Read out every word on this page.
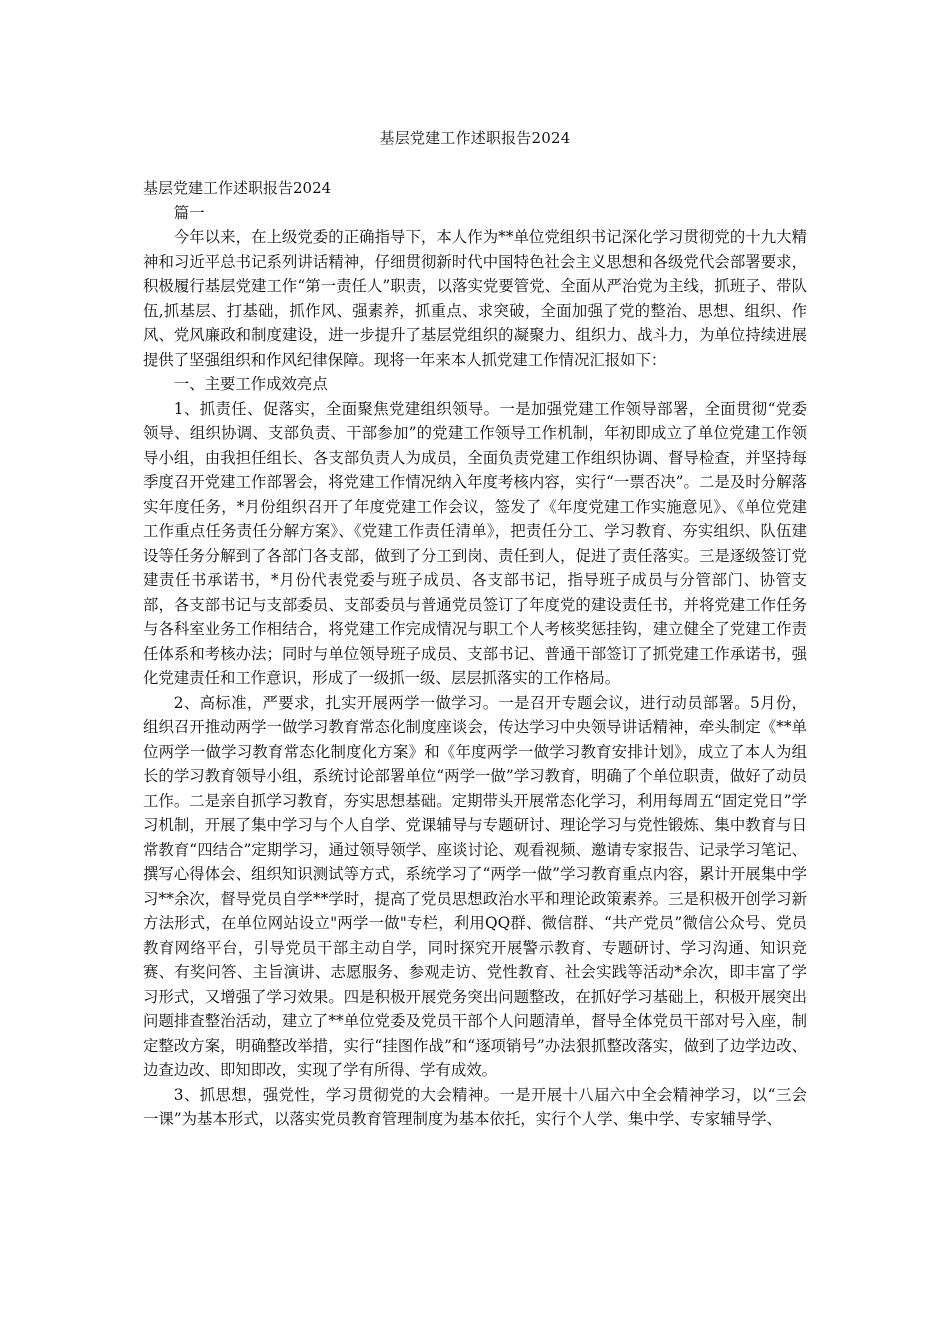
基层党建工作述职报告2024

基层党建工作述职报告2024

篇一

今年以来，在上级党委的正确指导下，本人作为**单位党组织书记深化学习贯彻党的十九大精神和习近平总书记系列讲话精神，仔细贯彻新时代中国特色社会主义思想和各级党代会部署要求，积极履行基层党建工作“第一责任人”职责，以落实党要管党、全面从严治党为主线，抓班子、带队伍,抓基层、打基础，抓作风、强素养，抓重点、求突破，全面加强了党的整治、思想、组织、作风、党风廉政和制度建设，进一步提升了基层党组织的凝聚力、组织力、战斗力，为单位持续进展提供了坚强组织和作风纪律保障。现将一年来本人抓党建工作情况汇报如下：

一、主要工作成效亮点

1、抓责任、促落实，全面聚焦党建组织领导。一是加强党建工作领导部署，全面贯彻“党委领导、组织协调、支部负责、干部参加”的党建工作领导工作机制，年初即成立了单位党建工作领导小组，由我担任组长、各支部负责人为成员，全面负责党建工作组织协调、督导检查，并坚持每季度召开党建工作部署会，将党建工作情况纳入年度考核内容，实行“一票否决”。二是及时分解落实年度任务，*月份组织召开了年度党建工作会议，签发了《年度党建工作实施意见》、《单位党建工作重点任务责任分解方案》、《党建工作责任清单》，把责任分工、学习教育、夯实组织、队伍建设等任务分解到了各部门各支部，做到了分工到岗、责任到人，促进了责任落实。三是逐级签订党建责任书承诺书，*月份代表党委与班子成员、各支部书记，指导班子成员与分管部门、协管支部，各支部书记与支部委员、支部委员与普通党员签订了年度党的建设责任书，并将党建工作任务与各科室业务工作相结合，将党建工作完成情况与职工个人考核奖惩挂钩，建立健全了党建工作责任体系和考核办法；同时与单位领导班子成员、支部书记、普通干部签订了抓党建工作承诺书，强化党建责任和工作意识，形成了一级抓一级、层层抓落实的工作格局。

2、高标准，严要求，扎实开展两学一做学习。一是召开专题会议，进行动员部署。5月份，组织召开推动两学一做学习教育常态化制度座谈会，传达学习中央领导讲话精神，牵头制定《**单位两学一做学习教育常态化制度化方案》和《年度两学一做学习教育安排计划》，成立了本人为组长的学习教育领导小组，系统讨论部署单位“两学一做”学习教育，明确了个单位职责，做好了动员工作。二是亲自抓学习教育，夯实思想基础。定期带头开展常态化学习，利用每周五“固定党日”学习机制，开展了集中学习与个人自学、党课辅导与专题研讨、理论学习与党性锻炼、集中教育与日常教育“四结合”定期学习，通过领导领学、座谈讨论、观看视频、邀请专家报告、记录学习笔记、撰写心得体会、组织知识测试等方式，系统学习了“两学一做”学习教育重点内容，累计开展集中学习**余次，督导党员自学**学时，提高了党员思想政治水平和理论政策素养。三是积极开创学习新方法形式，在单位网站设立"两学一做"专栏，利用QQ群、微信群、“共产党员”微信公众号、党员教育网络平台，引导党员干部主动自学，同时探究开展警示教育、专题研讨、学习沟通、知识竞赛、有奖问答、主旨演讲、志愿服务、参观走访、党性教育、社会实践等活动*余次，即丰富了学习形式，又增强了学习效果。四是积极开展党务突出问题整改，在抓好学习基础上，积极开展突出问题排查整治活动，建立了**单位党委及党员干部个人问题清单，督导全体党员干部对号入座，制定整改方案，明确整改举措，实行“挂图作战”和“逐项销号”办法狠抓整改落实，做到了边学边改、边查边改、即知即改，实现了学有所得、学有成效。

3、抓思想，强党性，学习贯彻党的大会精神。一是开展十八届六中全会精神学习，以“三会一课”为基本形式，以落实党员教育管理制度为基本依托，实行个人学、集中学、专家辅导学、
